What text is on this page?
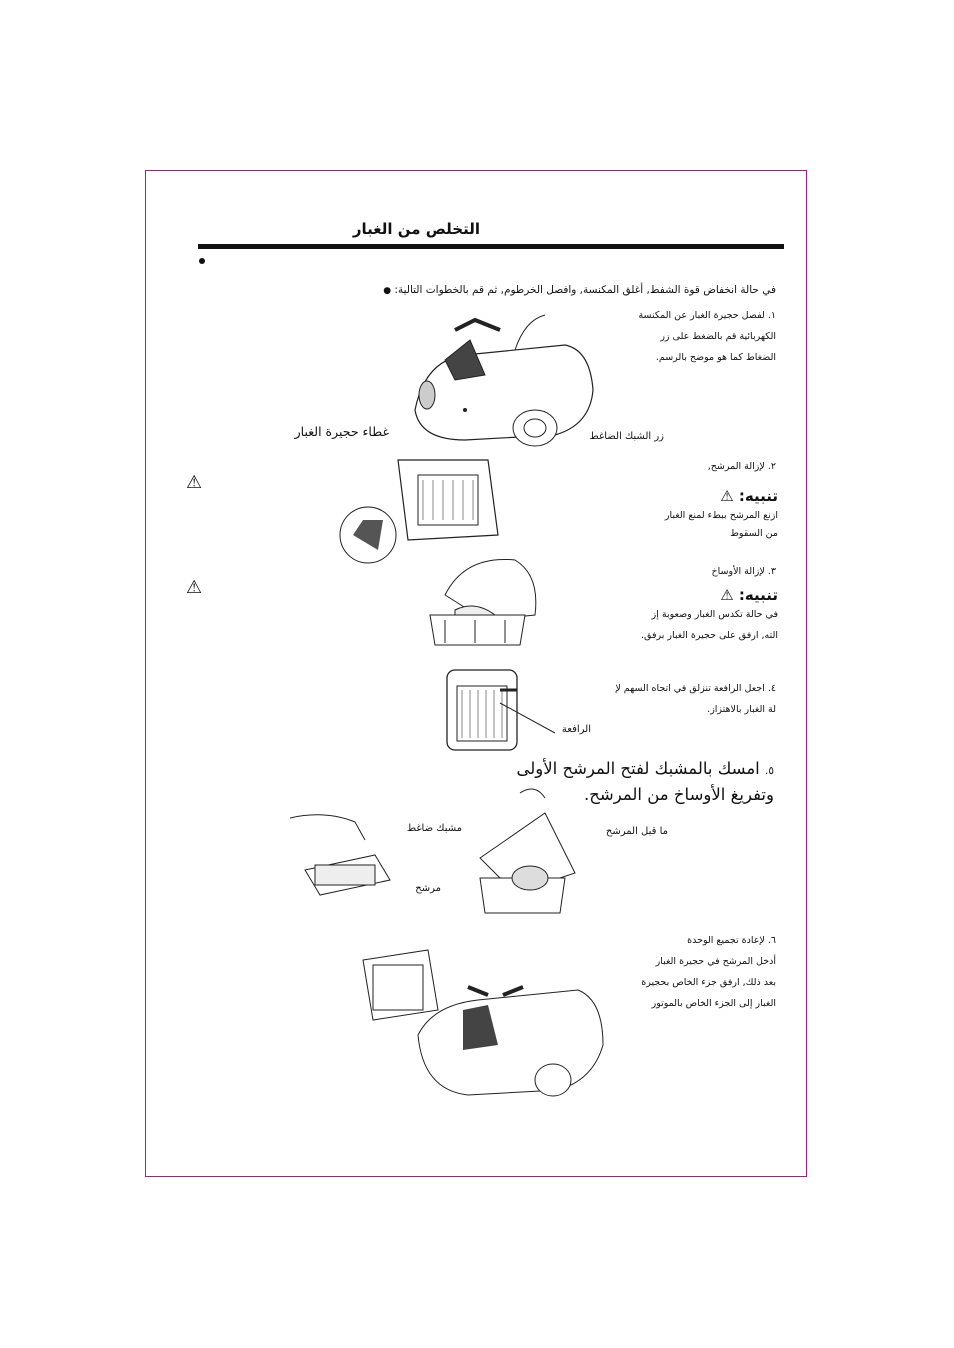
التخلص من الغبار
في حالة انخفاض قوة الشفط, أغلق المكنسة, وافصل الخرطوم, ثم قم بالخطوات التالية: ●
١. لفصل حجيرة الغبار عن المكنسة
الكهربائية قم بالضغط على زر
الضغاط كما هو موضح بالرسم.
غطاء حجيرة الغبار	زر الشبك الضاغط
٢. لإزالة المرشح,
⚠
تنبيه: ⚠
ازنع المرشح ببطء لمنع الغبار
من السقوط
٣. لإزالة الأوساخ
⚠	تنبيه: ⚠
في حالة تكدس الغبار وصعوبة إز
الته, ارفق على حجيرة الغبار برفق.
٤. اجعل الرافعة تنزلق في اتجاه السهم لإ
لة الغبار بالاهتزاز.
الرافعة
٥. امسك بالمشبك لفتح المرشح الأولى
وتفريغ الأوساخ من المرشح.
مشبك ضاغط
مرشح
ما قبل المرشح
٦. لإعادة تجميع الوحدة
أدخل المرشح في حجيرة الغبار
بعد ذلك, ارفق جزء الخاص بحجيرة
الغبار إلى الجزء الخاص بالموتور
